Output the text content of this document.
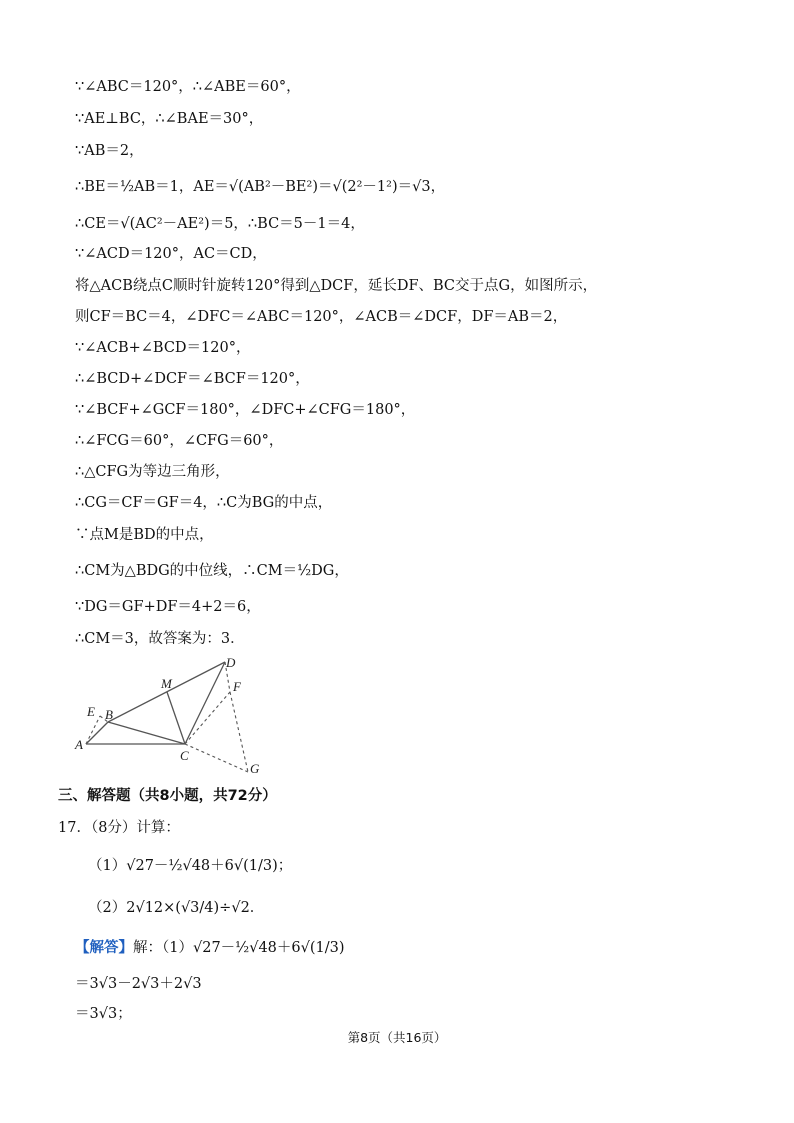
∵∠ABC＝120°，∴∠ABE＝60°，
∵AE⊥BC，∴∠BAE＝30°，
∵AB＝2，
∴BE＝½AB＝1，AE＝√(AB²－BE²)＝√(2²－1²)＝√3，
∴CE＝√(AC²－AE²)＝5，∴BC＝5－1＝4，
∵∠ACD＝120°，AC＝CD，
将△ACB绕点C顺时针旋转120°得到△DCF，延长DF、BC交于点G，如图所示，
则CF＝BC＝4，∠DFC＝∠ABC＝120°，∠ACB＝∠DCF，DF＝AB＝2，
∵∠ACB+∠BCD＝120°，
∴∠BCD+∠DCF＝∠BCF＝120°，
∵∠BCF+∠GCF＝180°，∠DFC+∠CFG＝180°，
∴∠FCG＝60°，∠CFG＝60°，
∴△CFG为等边三角形，
∴CG＝CF＝GF＝4，∴C为BG的中点，
∵点M是BD的中点，
∴CM为△BDG的中位线，∴CM＝½DG，
∵DG＝GF+DF＝4+2＝6，
∴CM＝3，故答案为：3．
A
B
C
D
E
F
G
M
三、解答题（共8小题，共72分）
17．（8分）计算：
（1）√27－½√48＋6√(1/3)；
（2）2√12×(√3/4)÷√2．
【解答】解：（1）√27－½√48＋6√(1/3)
＝3√3－2√3＋2√3
＝3√3；
第8页（共16页）
